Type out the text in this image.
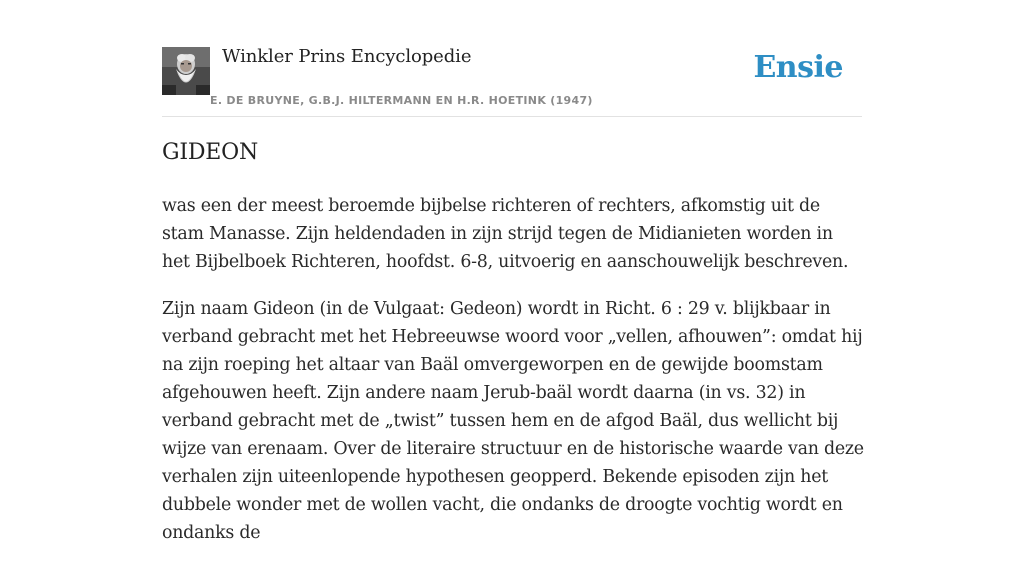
Winkler Prins Encyclopedie
E. DE BRUYNE, G.B.J. HILTERMANN EN H.R. HOETINK (1947)
Ensie
GIDEON

was een der meest beroemde bijbelse richteren of rechters, afkomstig uit de stam Manasse. Zijn heldendaden in zijn strijd tegen de Midianieten worden in het Bijbelboek Richteren, hoofdst. 6-8, uitvoerig en aanschouwelijk beschreven.

Zijn naam Gideon (in de Vulgaat: Gedeon) wordt in Richt. 6 : 29 v. blijkbaar in verband gebracht met het Hebreeuwse woord voor „vellen, afhouwen”: omdat hij na zijn roeping het altaar van Baäl omvergeworpen en de gewijde boomstam afgehouwen heeft. Zijn andere naam Jerub-baäl wordt daarna (in vs. 32) in verband gebracht met de „twist” tussen hem en de afgod Baäl, dus wellicht bij wijze van erenaam. Over de literaire structuur en de historische waarde van deze verhalen zijn uiteenlopende hypothesen geopperd. Bekende episoden zijn het dubbele wonder met de wollen vacht, die ondanks de droogte vochtig wordt en ondanks de
